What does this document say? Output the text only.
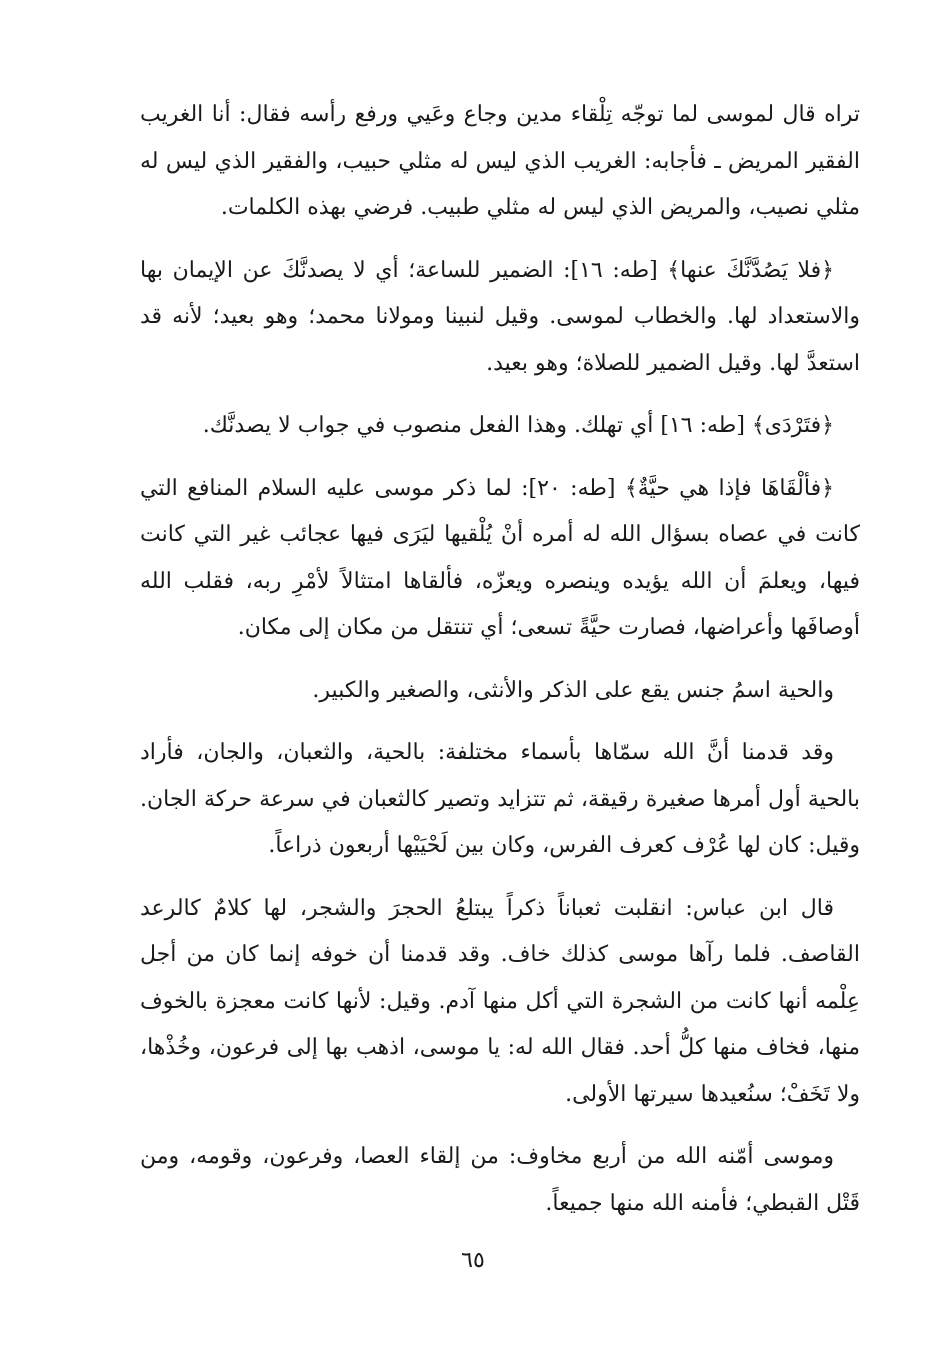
تراه قال لموسى لما توجّه تِلْقاء مدين وجاع وعَيي ورفع رأسه فقال: أنا الغريب الفقير المريض ـ فأجابه: الغريب الذي ليس له مثلي حبيب، والفقير الذي ليس له مثلي نصيب، والمريض الذي ليس له مثلي طبيب. فرضي بهذه الكلمات.

﴿فلا يَصُدَّنَّكَ عنها﴾ [طه: ١٦]: الضمير للساعة؛ أي لا يصدنَّكَ عن الإيمان بها والاستعداد لها. والخطاب لموسى. وقيل لنبينا ومولانا محمد؛ وهو بعيد؛ لأنه قد استعدَّ لها. وقيل الضمير للصلاة؛ وهو بعيد.

﴿فتَرْدَى﴾ [طه: ١٦] أي تهلك. وهذا الفعل منصوب في جواب لا يصدنَّك.

﴿فألْقَاهَا فإذا هي حيَّةٌ﴾ [طه: ٢٠]: لما ذكر موسى عليه السلام المنافع التي كانت في عصاه بسؤال الله له أمره أنْ يُلْقيها ليَرَى فيها عجائب غير التي كانت فيها، ويعلمَ أن الله يؤيده وينصره ويعزّه، فألقاها امتثالاً لأمْرِ ربه، فقلب الله أوصافَها وأعراضها، فصارت حيَّةً تسعى؛ أي تنتقل من مكان إلى مكان.

والحية اسمُ جنس يقع على الذكر والأنثى، والصغير والكبير.

وقد قدمنا أنَّ الله سمّاها بأسماء مختلفة: بالحية، والثعبان، والجان، فأراد بالحية أول أمرها صغيرة رقيقة، ثم تتزايد وتصير كالثعبان في سرعة حركة الجان. وقيل: كان لها عُرْف كعرف الفرس، وكان بين لَحْيَيْها أربعون ذراعاً.

قال ابن عباس: انقلبت ثعباناً ذكراً يبتلعُ الحجرَ والشجر، لها كلامٌ كالرعد القاصف. فلما رآها موسى كذلك خاف. وقد قدمنا أن خوفه إنما كان من أجل عِلْمه أنها كانت من الشجرة التي أكل منها آدم. وقيل: لأنها كانت معجزة بالخوف منها، فخاف منها كلُّ أحد. فقال الله له: يا موسى، اذهب بها إلى فرعون، وخُذْها، ولا تَخَفْ؛ سنُعيدها سيرتها الأولى.

وموسى أمّنه الله من أربع مخاوف: من إلقاء العصا، وفرعون، وقومه، ومن قَتْل القبطي؛ فأمنه الله منها جميعاً.

٦٥
